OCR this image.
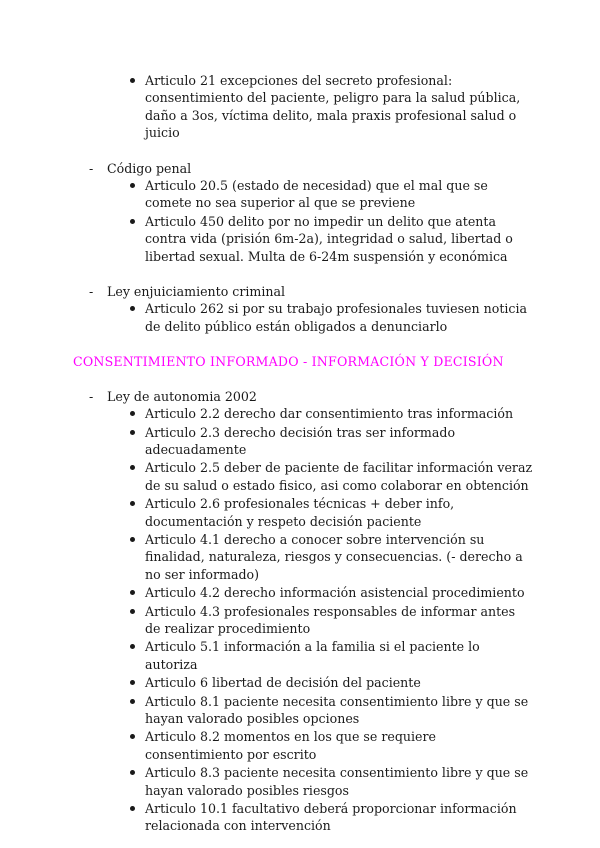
Articulo 21 excepciones del secreto profesional: consentimiento del paciente, peligro para la salud pública, daño a 3os, víctima delito, mala praxis profesional salud o juicio
- Código penal
Articulo 20.5 (estado de necesidad) que el mal que se comete no sea superior al que se previene
Articulo 450 delito por no impedir un delito que atenta contra vida (prisión 6m-2a), integridad o salud, libertad o libertad sexual. Multa de 6-24m suspensión y económica
- Ley enjuiciamiento criminal
Articulo 262 si por su trabajo profesionales tuviesen noticia de delito público están obligados a denunciarlo
CONSENTIMIENTO INFORMADO - INFORMACIÓN Y DECISIÓN
- Ley de autonomia 2002
Articulo 2.2 derecho dar consentimiento tras información
Articulo 2.3 derecho decisión tras ser informado adecuadamente
Articulo 2.5 deber de paciente de facilitar información veraz de su salud o estado fisico, asi como colaborar en obtención
Articulo 2.6 profesionales técnicas + deber info, documentación y respeto decisión paciente
Articulo 4.1 derecho a conocer sobre intervención su finalidad, naturaleza, riesgos y consecuencias. (- derecho a no ser informado)
Articulo 4.2 derecho información asistencial procedimiento
Articulo 4.3 profesionales responsables de informar antes de realizar procedimiento
Articulo 5.1 información a la familia si el paciente lo autoriza
Articulo 6 libertad de decisión del paciente
Articulo 8.1 paciente necesita consentimiento libre y que se hayan valorado posibles opciones
Articulo 8.2 momentos en los que se requiere consentimiento por escrito
Articulo 8.3 paciente necesita consentimiento libre y que se hayan valorado posibles riesgos
Articulo 10.1 facultativo deberá proporcionar información relacionada con intervención
